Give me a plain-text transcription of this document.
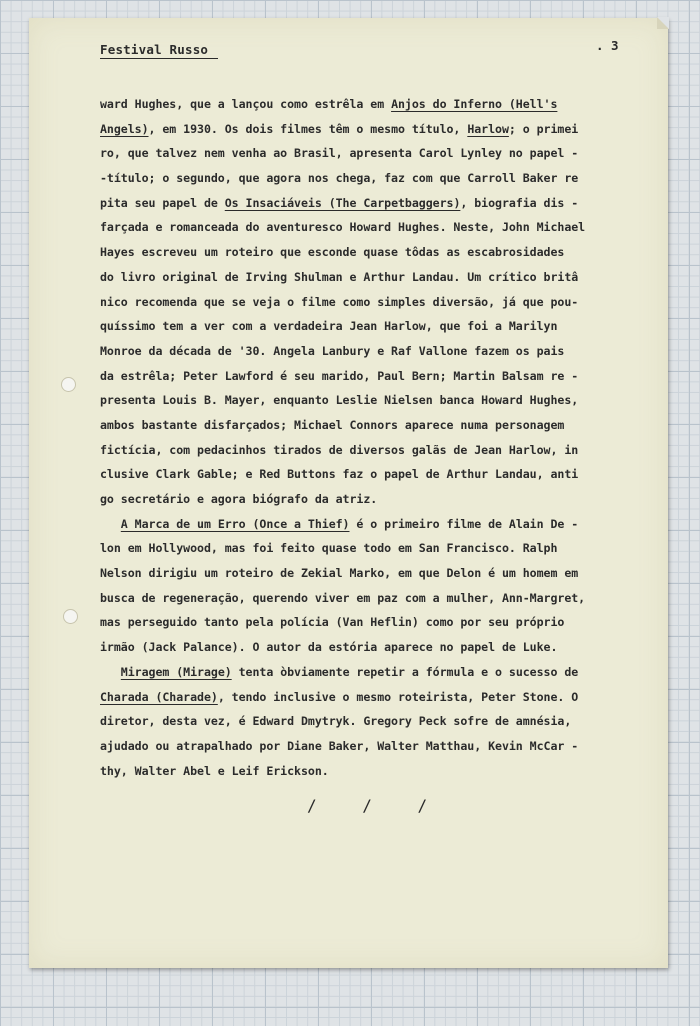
Festival Russo	. 3
ward Hughes, que a lançou como estrêla em Anjos do Inferno (Hell's
Angels), em 1930. Os dois filmes têm o mesmo título, Harlow; o primei
ro, que talvez nem venha ao Brasil, apresenta Carol Lynley no papel -
-título; o segundo, que agora nos chega, faz com que Carroll Baker re
pita seu papel de Os Insaciáveis (The Carpetbaggers), biografia dis -
farçada e romanceada do aventuresco Howard Hughes. Neste, John Michael
Hayes escreveu um roteiro que esconde quase tôdas as escabrosidades
do livro original de Irving Shulman e Arthur Landau. Um crítico britâ
nico recomenda que se veja o filme como simples diversão, já que pou-
quíssimo tem a ver com a verdadeira Jean Harlow, que foi a Marilyn
Monroe da década de '30. Angela Lanbury e Raf Vallone fazem os pais
da estrêla; Peter Lawford é seu marido, Paul Bern; Martin Balsam re -
presenta Louis B. Mayer, enquanto Leslie Nielsen banca Howard Hughes,
ambos bastante disfarçados; Michael Connors aparece numa personagem
fictícia, com pedacinhos tirados de diversos galãs de Jean Harlow, in
clusive Clark Gable; e Red Buttons faz o papel de Arthur Landau, anti
go secretário e agora biógrafo da atriz.
A Marca de um Erro (Once a Thief) é o primeiro filme de Alain De -
lon em Hollywood, mas foi feito quase todo em San Francisco. Ralph
Nelson dirigiu um roteiro de Zekial Marko, em que Delon é um homem em
busca de regeneração, querendo viver em paz com a mulher, Ann-Margret,
mas perseguido tanto pela polícia (Van Heflin) como por seu próprio
irmão (Jack Palance). O autor da estória aparece no papel de Luke.
Miragem (Mirage) tenta òbviamente repetir a fórmula e o sucesso de
Charada (Charade), tendo inclusive o mesmo roteirista, Peter Stone. O
diretor, desta vez, é Edward Dmytryk. Gregory Peck sofre de amnésia,
ajudado ou atrapalhado por Diane Baker, Walter Matthau, Kevin McCar -
thy, Walter Abel e Leif Erickson.
/ / /
